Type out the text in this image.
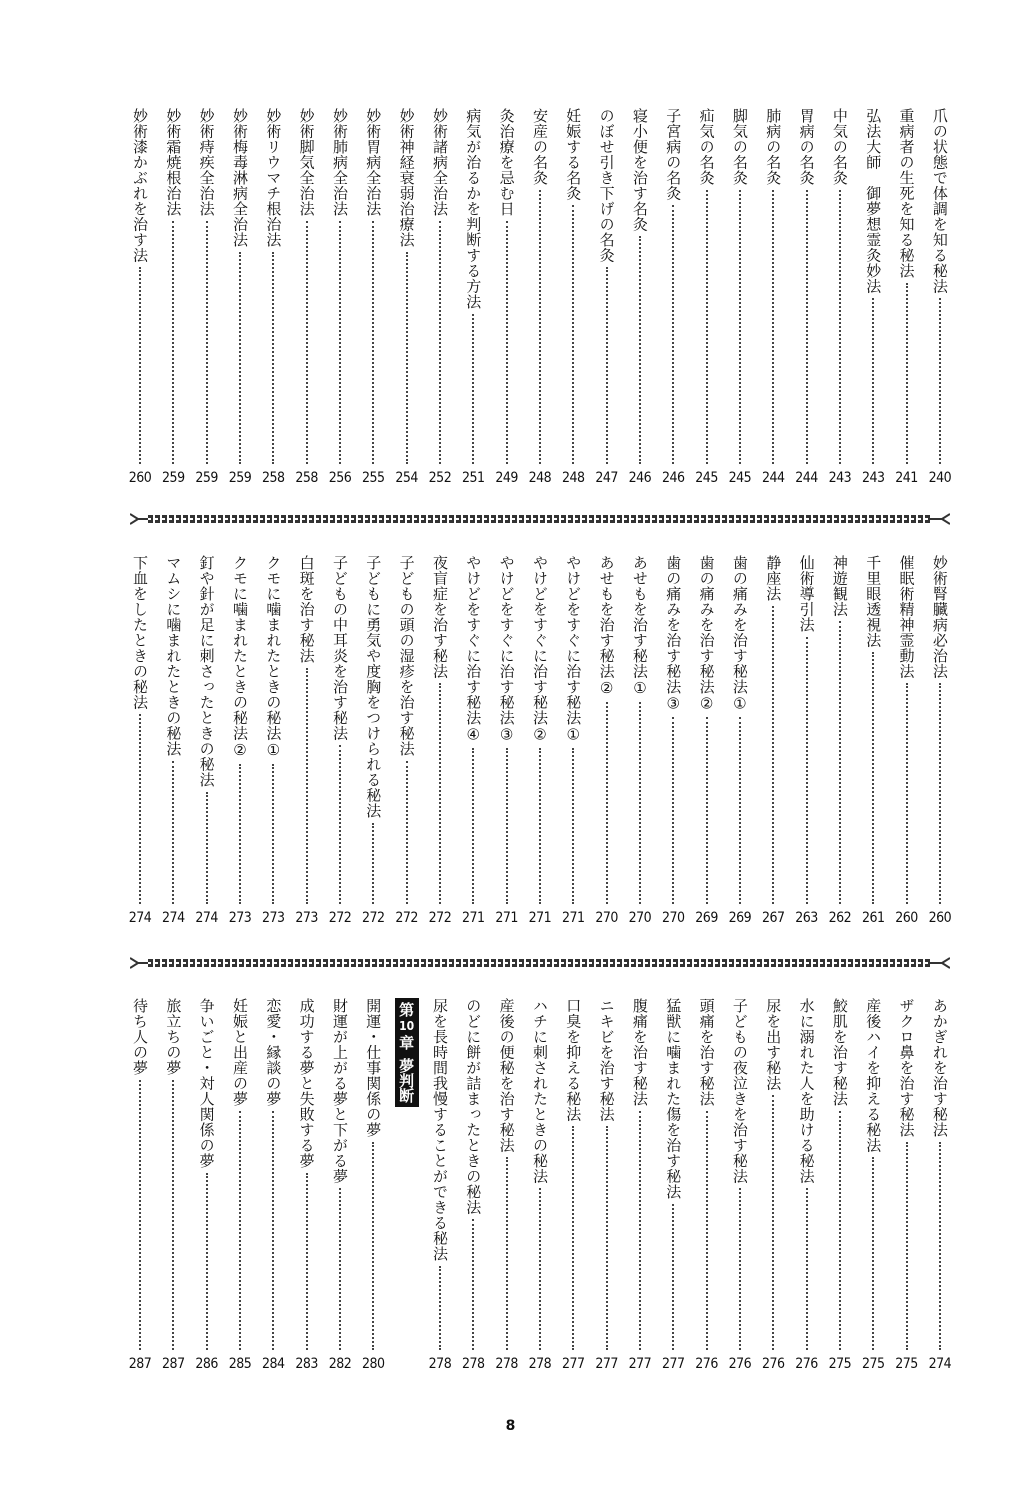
爪の状態で体調を知る秘法
240
重病者の生死を知る秘法
241
弘法大師　御夢想霊灸妙法
243
中気の名灸
243
胃病の名灸
244
肺病の名灸
244
脚気の名灸
245
疝気の名灸
245
子宮病の名灸
246
寝小便を治す名灸
246
のぼせ引き下げの名灸
247
妊娠する名灸
248
安産の名灸
248
灸治療を忌む日
249
病気が治るかを判断する方法
251
妙術諸病全治法
252
妙術神経衰弱治療法
254
妙術胃病全治法
255
妙術肺病全治法
256
妙術脚気全治法
258
妙術リウマチ根治法
258
妙術梅毒淋病全治法
259
妙術痔疾全治法
259
妙術霜焼根治法
259
妙術漆かぶれを治す法
260
妙術腎臓病必治法
260
催眠術精神霊動法
260
千里眼透視法
261
神遊観法
262
仙術導引法
263
静座法
267
歯の痛みを治す秘法①
269
歯の痛みを治す秘法②
269
歯の痛みを治す秘法③
270
あせもを治す秘法①
270
あせもを治す秘法②
270
やけどをすぐに治す秘法①
271
やけどをすぐに治す秘法②
271
やけどをすぐに治す秘法③
271
やけどをすぐに治す秘法④
271
夜盲症を治す秘法
272
子どもの頭の湿疹を治す秘法
272
子どもに勇気や度胸をつけられる秘法
272
子どもの中耳炎を治す秘法
272
白斑を治す秘法
273
クモに噛まれたときの秘法①
273
クモに噛まれたときの秘法②
273
釘や針が足に刺さったときの秘法
274
マムシに噛まれたときの秘法
274
下血をしたときの秘法
274
あかぎれを治す秘法
274
ザクロ鼻を治す秘法
275
産後ハイを抑える秘法
275
鮫肌を治す秘法
275
水に溺れた人を助ける秘法
276
尿を出す秘法
276
子どもの夜泣きを治す秘法
276
頭痛を治す秘法
276
猛獣に噛まれた傷を治す秘法
277
腹痛を治す秘法
277
ニキビを治す秘法
277
口臭を抑える秘法
277
ハチに刺されたときの秘法
278
産後の便秘を治す秘法
278
のどに餅が詰まったときの秘法
278
尿を長時間我慢することができる秘法
278
第
10
章
夢判断
開運・仕事関係の夢
280
財運が上がる夢と下がる夢
282
成功する夢と失敗する夢
283
恋愛・縁談の夢
284
妊娠と出産の夢
285
争いごと・対人関係の夢
286
旅立ちの夢
287
待ち人の夢
287
8
